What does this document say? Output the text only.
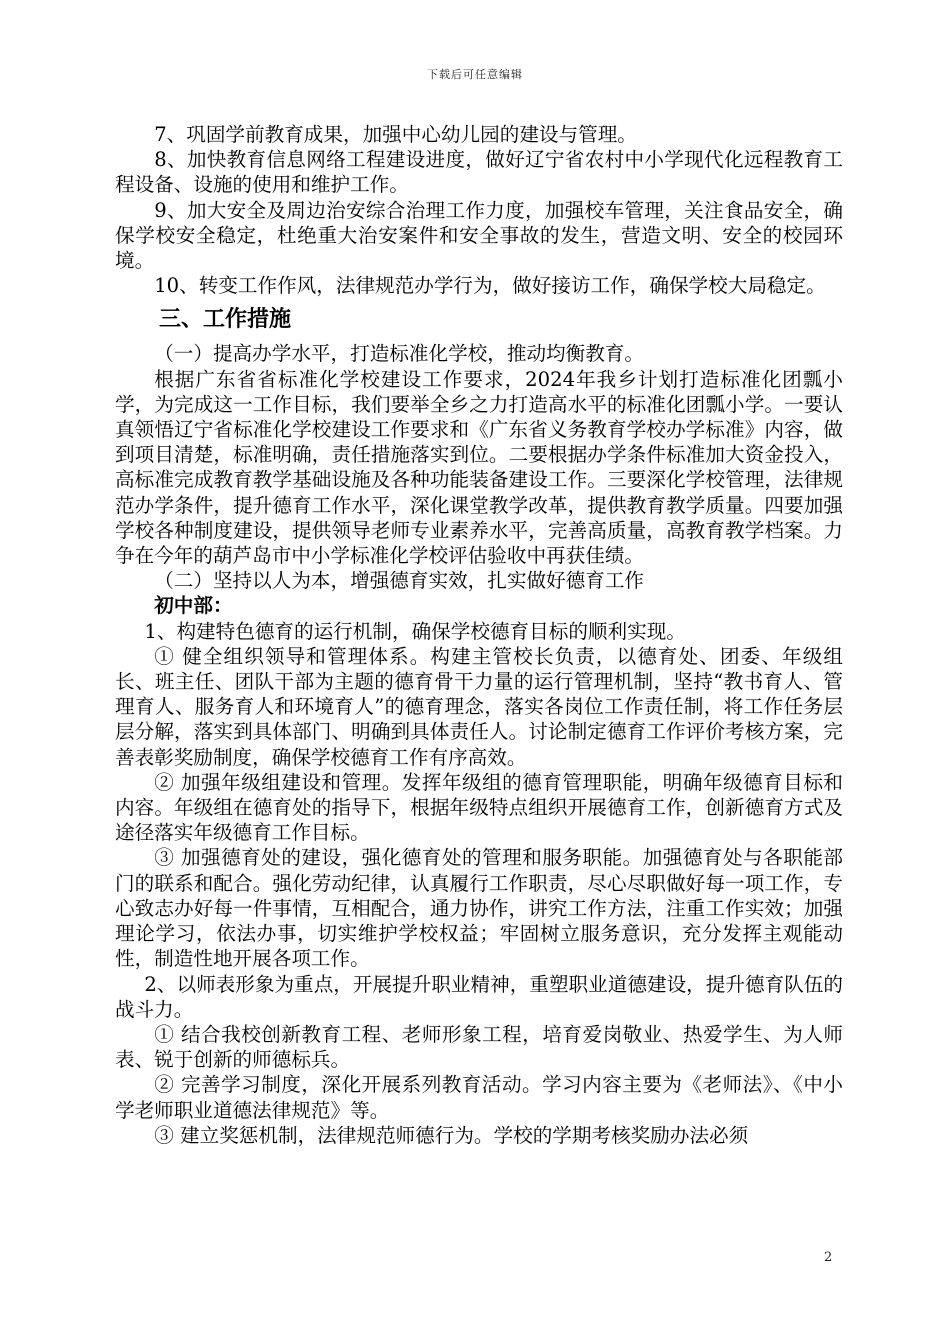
下载后可任意编辑

7、巩固学前教育成果，加强中心幼儿园的建设与管理。

8、加快教育信息网络工程建设进度，做好辽宁省农村中小学现代化远程教育工程设备、设施的使用和维护工作。

9、加大安全及周边治安综合治理工作力度，加强校车管理，关注食品安全，确保学校安全稳定，杜绝重大治安案件和安全事故的发生，营造文明、安全的校园环境。

10、转变工作作风，法律规范办学行为，做好接访工作，确保学校大局稳定。

三、工作措施

（一）提高办学水平，打造标准化学校，推动均衡教育。

根据广东省省标准化学校建设工作要求，2024年我乡计划打造标准化团瓢小学，为完成这一工作目标，我们要举全乡之力打造高水平的标准化团瓢小学。一要认真领悟辽宁省标准化学校建设工作要求和《广东省义务教育学校办学标准》内容，做到项目清楚，标准明确，责任措施落实到位。二要根据办学条件标准加大资金投入，高标准完成教育教学基础设施及各种功能装备建设工作。三要深化学校管理，法律规范办学条件，提升德育工作水平，深化课堂教学改革，提供教育教学质量。四要加强学校各种制度建设，提供领导老师专业素养水平，完善高质量，高教育教学档案。力争在今年的葫芦岛市中小学标准化学校评估验收中再获佳绩。

（二）坚持以人为本，增强德育实效，扎实做好德育工作

初中部：

1、构建特色德育的运行机制，确保学校德育目标的顺利实现。

① 健全组织领导和管理体系。构建主管校长负责，以德育处、团委、年级组长、班主任、团队干部为主题的德育骨干力量的运行管理机制，坚持“教书育人、管理育人、服务育人和环境育人”的德育理念，落实各岗位工作责任制，将工作任务层层分解，落实到具体部门、明确到具体责任人。讨论制定德育工作评价考核方案，完善表彰奖励制度，确保学校德育工作有序高效。

② 加强年级组建设和管理。发挥年级组的德育管理职能，明确年级德育目标和内容。年级组在德育处的指导下，根据年级特点组织开展德育工作，创新德育方式及途径落实年级德育工作目标。

③ 加强德育处的建设，强化德育处的管理和服务职能。加强德育处与各职能部门的联系和配合。强化劳动纪律，认真履行工作职责，尽心尽职做好每一项工作，专心致志办好每一件事情，互相配合，通力协作，讲究工作方法，注重工作实效；加强理论学习，依法办事，切实维护学校权益；牢固树立服务意识，充分发挥主观能动性，制造性地开展各项工作。

2、以师表形象为重点，开展提升职业精神，重塑职业道德建设，提升德育队伍的战斗力。

① 结合我校创新教育工程、老师形象工程，培育爱岗敬业、热爱学生、为人师表、锐于创新的师德标兵。

② 完善学习制度，深化开展系列教育活动。学习内容主要为《老师法》、《中小学老师职业道德法律规范》等。

③ 建立奖惩机制，法律规范师德行为。学校的学期考核奖励办法必须

2
